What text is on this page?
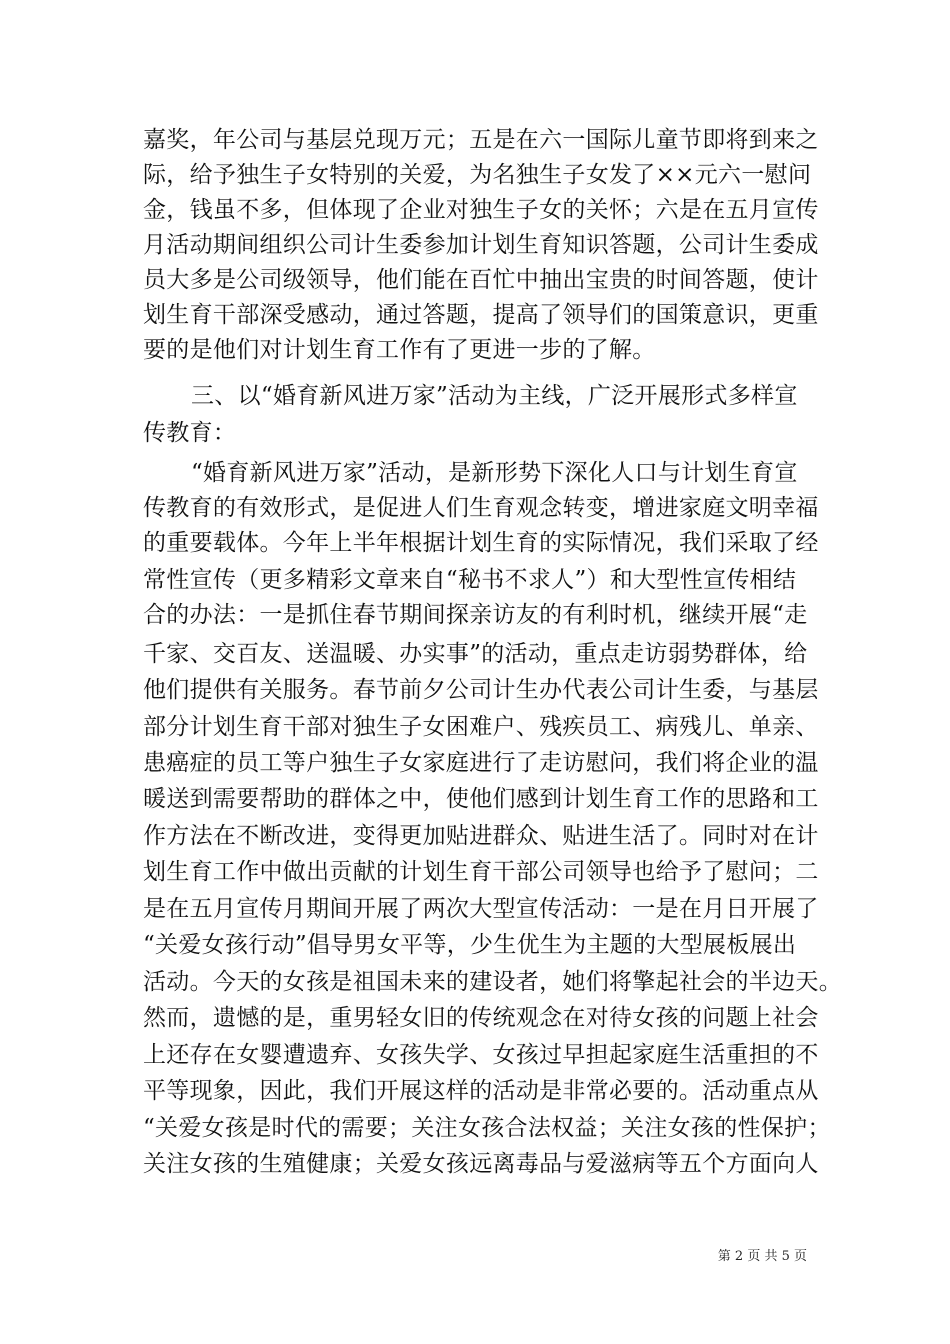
嘉奖，年公司与基层兑现万元；五是在六一国际儿童节即将到来之
际，给予独生子女特别的关爱，为名独生子女发了××元六一慰问
金，钱虽不多，但体现了企业对独生子女的关怀；六是在五月宣传
月活动期间组织公司计生委参加计划生育知识答题，公司计生委成
员大多是公司级领导，他们能在百忙中抽出宝贵的时间答题，使计
划生育干部深受感动，通过答题，提高了领导们的国策意识，更重
要的是他们对计划生育工作有了更进一步的了解。
三、以“婚育新风进万家”活动为主线，广泛开展形式多样宣
传教育：
“婚育新风进万家”活动，是新形势下深化人口与计划生育宣
传教育的有效形式，是促进人们生育观念转变，增进家庭文明幸福
的重要载体。今年上半年根据计划生育的实际情况，我们采取了经
常性宣传（更多精彩文章来自“秘书不求人”）和大型性宣传相结
合的办法：一是抓住春节期间探亲访友的有利时机，继续开展“走
千家、交百友、送温暖、办实事”的活动，重点走访弱势群体，给
他们提供有关服务。春节前夕公司计生办代表公司计生委，与基层
部分计划生育干部对独生子女困难户、残疾员工、病残儿、单亲、
患癌症的员工等户独生子女家庭进行了走访慰问，我们将企业的温
暖送到需要帮助的群体之中，使他们感到计划生育工作的思路和工
作方法在不断改进，变得更加贴进群众、贴进生活了。同时对在计
划生育工作中做出贡献的计划生育干部公司领导也给予了慰问；二
是在五月宣传月期间开展了两次大型宣传活动：一是在月日开展了
“关爱女孩行动”倡导男女平等，少生优生为主题的大型展板展出
活动。今天的女孩是祖国未来的建设者，她们将擎起社会的半边天。
然而，遗憾的是，重男轻女旧的传统观念在对待女孩的问题上社会
上还存在女婴遭遗弃、女孩失学、女孩过早担起家庭生活重担的不
平等现象，因此，我们开展这样的活动是非常必要的。活动重点从
“关爱女孩是时代的需要；关注女孩合法权益；关注女孩的性保护；
关注女孩的生殖健康；关爱女孩远离毒品与爱滋病等五个方面向人
第 2 页 共 5 页
